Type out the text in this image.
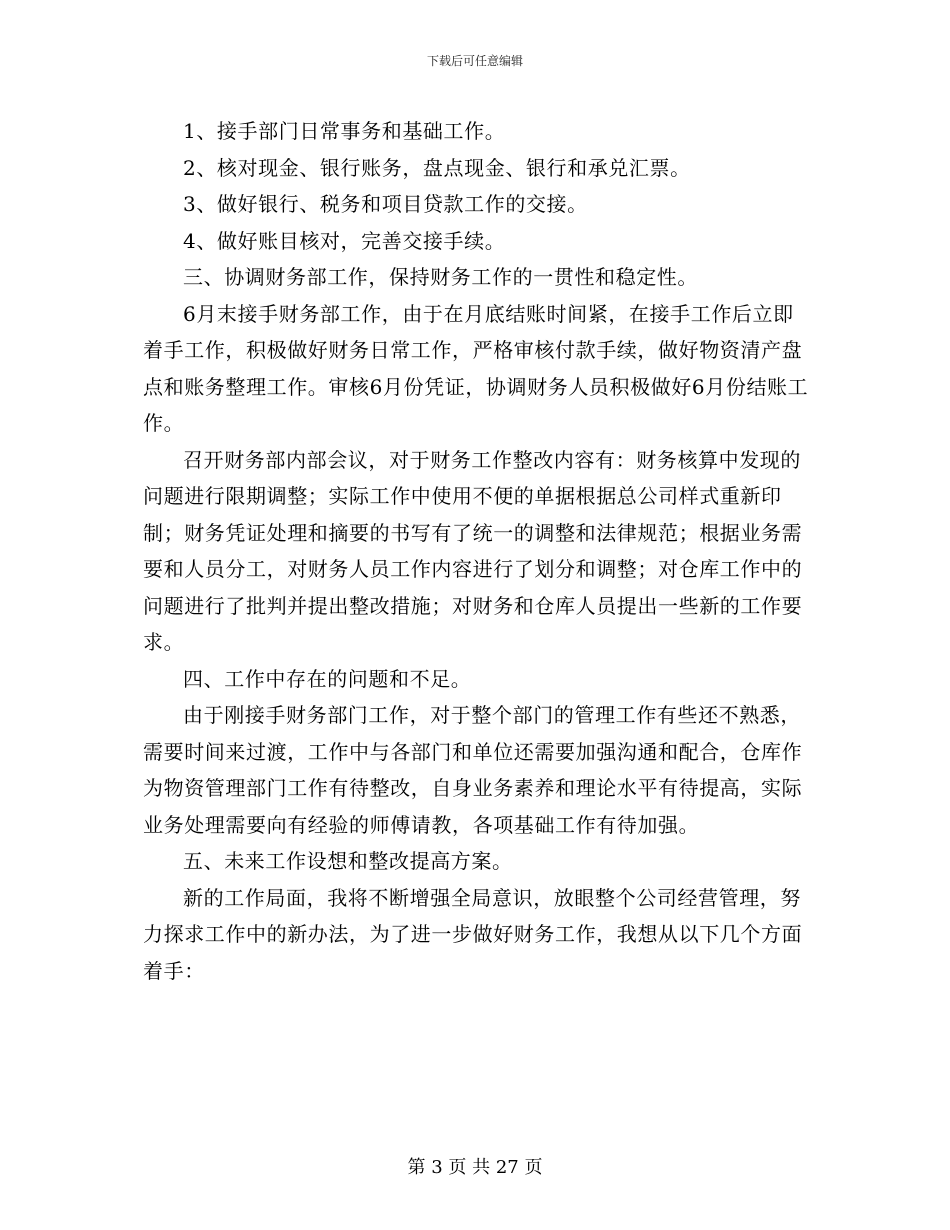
下载后可任意编辑

1、接手部门日常事务和基础工作。

2、核对现金、银行账务，盘点现金、银行和承兑汇票。

3、做好银行、税务和项目贷款工作的交接。

4、做好账目核对，完善交接手续。

三、协调财务部工作，保持财务工作的一贯性和稳定性。

6月末接手财务部工作，由于在月底结账时间紧，在接手工作后立即着手工作，积极做好财务日常工作，严格审核付款手续，做好物资清产盘点和账务整理工作。审核6月份凭证，协调财务人员积极做好6月份结账工作。

召开财务部内部会议，对于财务工作整改内容有：财务核算中发现的问题进行限期调整；实际工作中使用不便的单据根据总公司样式重新印制；财务凭证处理和摘要的书写有了统一的调整和法律规范；根据业务需要和人员分工，对财务人员工作内容进行了划分和调整；对仓库工作中的问题进行了批判并提出整改措施；对财务和仓库人员提出一些新的工作要求。

四、工作中存在的问题和不足。

由于刚接手财务部门工作，对于整个部门的管理工作有些还不熟悉，需要时间来过渡，工作中与各部门和单位还需要加强沟通和配合，仓库作为物资管理部门工作有待整改，自身业务素养和理论水平有待提高，实际业务处理需要向有经验的师傅请教，各项基础工作有待加强。

五、未来工作设想和整改提高方案。

新的工作局面，我将不断增强全局意识，放眼整个公司经营管理，努力探求工作中的新办法，为了进一步做好财务工作，我想从以下几个方面着手：

第 3 页 共 27 页
